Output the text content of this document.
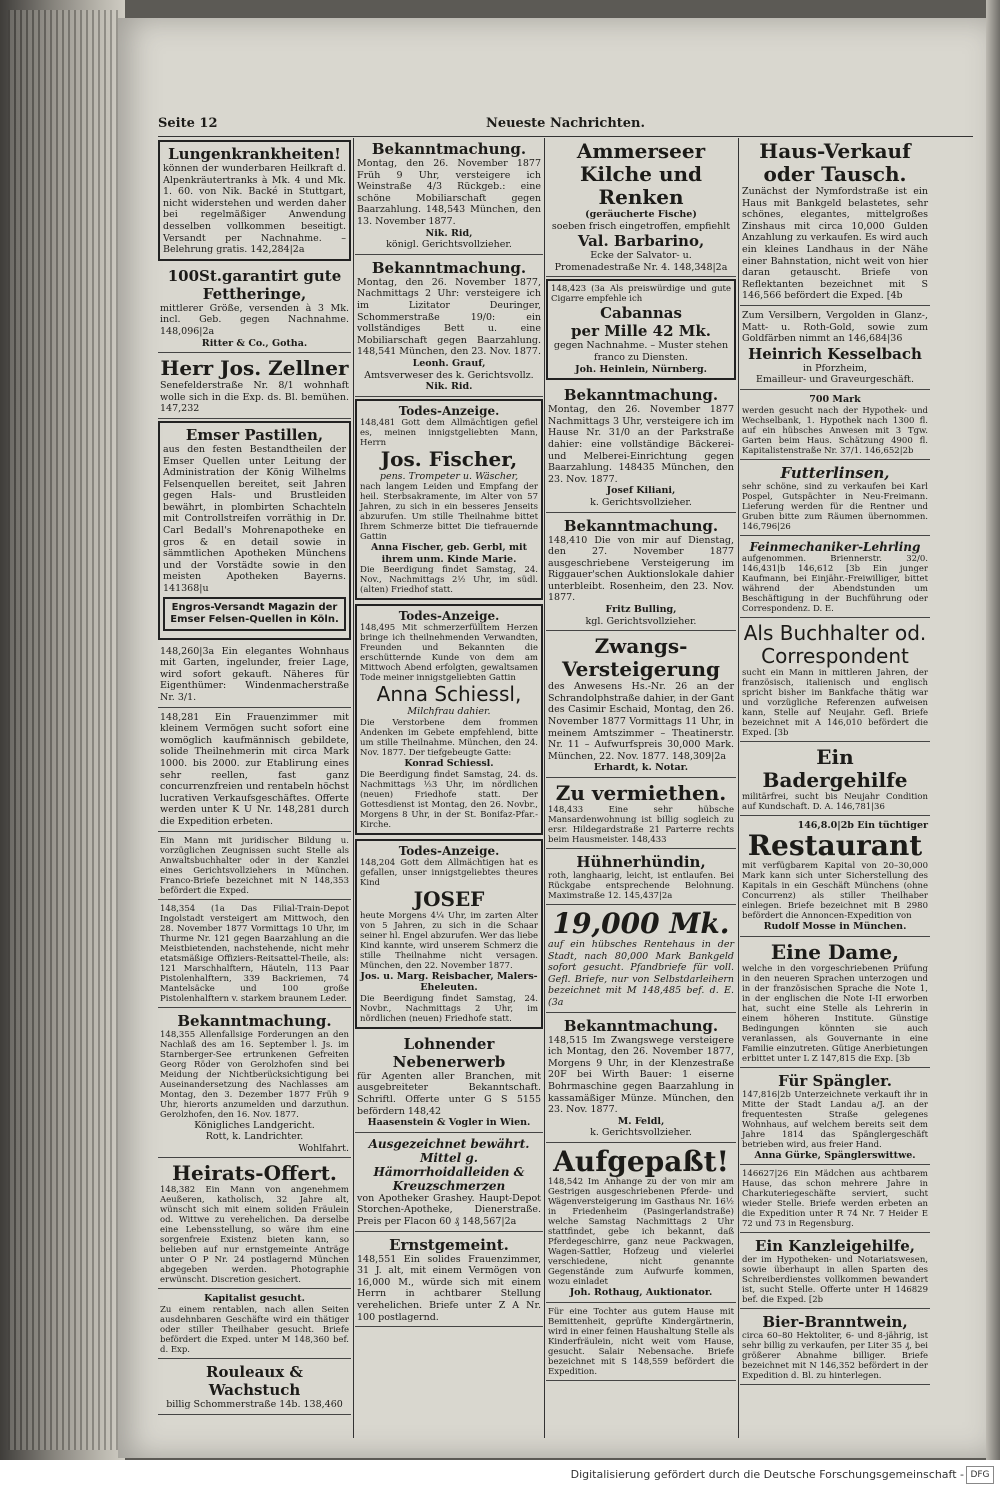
Seite 12	Neueste Nachrichten.
Lungenkrankheiten!
können der wunderbaren Heilkraft d. Alpenkräutertranks à Mk. 4 und Mk. 1. 60. von Nik. Backé in Stuttgart, nicht widerstehen und werden daher bei regelmäßiger Anwendung desselben vollkommen beseitigt. Versandt per Nachnahme. – Belehrung gratis. 142,284|2a
100St.garantirt gute Fettheringe,
mittlerer Größe, versenden à 3 Mk. incl. Geb. gegen Nachnahme. 148,096|2a
Ritter & Co., Gotha.
Herr Jos. Zellner
Senefelderstraße Nr. 8/1 wohnhaft wolle sich in die Exp. ds. Bl. bemühen. 147,232
Emser Pastillen,
aus den festen Bestandtheilen der Emser Quellen unter Leitung der Administration der König Wilhelms Felsenquellen bereitet, seit Jahren gegen Hals- und Brustleiden bewährt, in plombirten Schachteln mit Controllstreifen vorräthig in Dr. Carl Bedall's Mohrenapotheke en gros & en detail sowie in sämmtlichen Apotheken Münchens und der Vorstädte sowie in den meisten Apotheken Bayerns. 141368|u
Engros-Versandt Magazin der Emser Felsen-Quellen in Köln.
148,260|3a Ein elegantes Wohnhaus mit Garten, ingelunder, freier Lage, wird sofort gekauft. Näheres für Eigenthümer: Windenmacherstraße Nr. 3/1.
148,281 Ein Frauenzimmer mit kleinem Vermögen sucht sofort eine womöglich kaufmännisch gebildete, solide Theilnehmerin mit circa Mark 1000. bis 2000. zur Etablirung eines sehr reellen, fast ganz concurrenzfreien und rentabeln höchst lucrativen Verkaufsgeschäftes. Offerte werden unter K U Nr. 148,281 durch die Expedition erbeten.
Ein Mann mit juridischer Bildung u. vorzüglichen Zeugnissen sucht Stelle als Anwaltsbuchhalter oder in der Kanzlei eines Gerichtsvollziehers in München. Franco-Briefe bezeichnet mit N 148,353 befördert die Exped.
148,354 (1a Das Filial-Train-Depot Ingolstadt versteigert am Mittwoch, den 28. November 1877 Vormittags 10 Uhr, im Thurme Nr. 121 gegen Baarzahlung an die Meistbietenden, nachstehende, nicht mehr etatsmäßige Offiziers-Reitsattel-Theile, als: 121 Marschhalftern, Häuteln, 113 Paar Pistolenhalftern, 339 Backriemen, 74 Mantelsäcke und 100 große Pistolenhalftern v. starkem braunem Leder.
Bekanntmachung.
148,355 Allenfallsige Forderungen an den Nachlaß des am 16. September l. Js. im Starnberger-See ertrunkenen Gefreiten Georg Röder von Gerolzhofen sind bei Meidung der Nichtberücksichtigung bei Auseinandersetzung des Nachlasses am Montag, den 3. Dezember 1877 Früh 9 Uhr, hierorts anzumelden und darzuthun. Gerolzhofen, den 16. Nov. 1877.
Königliches Landgericht.
Rott, k. Landrichter.
Wohlfahrt.
Heirats-Offert.
148,382 Ein Mann von angenehmem Aeußeren, katholisch, 32 Jahre alt, wünscht sich mit einem soliden Fräulein od. Wittwe zu verehelichen. Da derselbe eine Lebensstellung, so wäre ihm eine sorgenfreie Existenz bieten kann, so belieben auf nur ernstgemeinte Anträge unter O P Nr. 24 postlagernd München abgegeben werden. Photographie erwünscht. Discretion gesichert.
Kapitalist gesucht.
Zu einem rentablen, nach allen Seiten ausdehnbaren Geschäfte wird ein thätiger oder stiller Theilhaber gesucht. Briefe befördert die Exped. unter M 148,360 bef. d. Exp.
Rouleaux & Wachstuch
billig Schommerstraße 14b. 138,460
Bekanntmachung.
Montag, den 26. November 1877 Früh 9 Uhr, versteigere ich Weinstraße 4/3 Rückgeb.: eine schöne Mobiliarschaft gegen Baarzahlung. 148,543 München, den 13. November 1877.
Nik. Rid,
königl. Gerichtsvollzieher.
Bekanntmachung.
Montag, den 26. November 1877, Nachmittags 2 Uhr: versteigere ich im Lizitator Deuringer, Schommerstraße 19/0: ein vollständiges Bett u. eine Mobiliarschaft gegen Baarzahlung. 148,541 München, den 23. Nov. 1877.
Leonh. Grauf,
Amtsverweser des k. Gerichtsvollz.
Nik. Rid.
Todes-Anzeige.
148,481 Gott dem Allmächtigen gefiel es, meinen innigstgeliebten Mann, Herrn
Jos. Fischer,
pens. Trompeter u. Wäscher,
nach langem Leiden und Empfang der heil. Sterbsakramente, im Alter von 57 Jahren, zu sich in ein besseres Jenseits abzurufen. Um stille Theilnahme bittet Ihrem Schmerze bittet Die tiefrauernde Gattin
Anna Fischer, geb. Gerbl, mit ihrem unm. Kinde Marie.
Die Beerdigung findet Samstag, 24. Nov., Nachmittags 2½ Uhr, im südl. (alten) Friedhof statt.
Todes-Anzeige.
148,495 Mit schmerzerfülltem Herzen bringe ich theilnehmenden Verwandten, Freunden und Bekannten die erschütternde Kunde von dem am Mittwoch Abend erfolgten, gewaltsamen Tode meiner innigstgeliebten Gattin
Anna Schiessl,
Milchfrau dahier.
Die Verstorbene dem frommen Andenken im Gebete empfehlend, bitte um stille Theilnahme. München, den 24. Nov. 1877. Der tiefgebeugte Gatte:
Konrad Schiessl.
Die Beerdigung findet Samstag, 24. ds. Nachmittags ½3 Uhr, im nördlichen (neuen) Friedhofe statt. Der Gottesdienst ist Montag, den 26. Novbr., Morgens 8 Uhr, in der St. Bonifaz-Pfar.-Kirche.
Todes-Anzeige.
148,204 Gott dem Allmächtigen hat es gefallen, unser innigstgeliebtes theures Kind
JOSEF
heute Morgens 4¼ Uhr, im zarten Alter von 5 Jahren, zu sich in die Schaar seiner hl. Engel abzurufen. Wer das liebe Kind kannte, wird unserem Schmerz die stille Theilnahme nicht versagen. München, den 22. November 1877.
Jos. u. Marg. Reisbacher, Malers-Eheleuten.
Die Beerdigung findet Samstag, 24. Novbr., Nachmittags 2 Uhr, im nördlichen (neuen) Friedhofe statt.
Lohnender Nebenerwerb
für Agenten aller Branchen, mit ausgebreiteter Bekanntschaft. Schriftl. Offerte unter G S 5155 befördern 148,42
Haasenstein & Vogler in Wien.
Ausgezeichnet bewährt. Mittel g. Hämorrhoidalleiden & Kreuzschmerzen
von Apotheker Grashey. Haupt-Depot Storchen-Apotheke, Dienerstraße. Preis per Flacon 60 ₰ 148,567|2a
Ernstgemeint.
148,551 Ein solides Frauenzimmer, 31 J. alt, mit einem Vermögen von 16,000 M., würde sich mit einem Herrn in achtbarer Stellung verehelichen. Briefe unter Z A Nr. 100 postlagernd.
Ammerseer Kilche und Renken
(geräucherte Fische)
soeben frisch eingetroffen, empfiehlt
Val. Barbarino,
Ecke der Salvator- u. Promenadestraße Nr. 4. 148,348|2a
148,423 (3a Als preiswürdige und gute Cigarre empfehle ich
Cabannas
per Mille 42 Mk.
gegen Nachnahme. – Muster stehen franco zu Diensten.
Joh. Heinlein, Nürnberg.
Bekanntmachung.
Montag, den 26. November 1877 Nachmittags 3 Uhr, versteigere ich im Hause Nr. 31/0 an der Parkstraße dahier: eine vollständige Bäckerei- und Melberei-Einrichtung gegen Baarzahlung. 148435 München, den 23. Nov. 1877.
Josef Kiliani,
k. Gerichtsvollzieher.
Bekanntmachung.
148,410 Die von mir auf Dienstag, den 27. November 1877 ausgeschriebene Versteigerung im Riggauer'schen Auktionslokale dahier unterbleibt. Rosenheim, den 23. Nov. 1877.
Fritz Bulling,
kgl. Gerichtsvollzieher.
Zwangs-Versteigerung
des Anwesens Hs.-Nr. 26 an der Schrandolphstraße dahier, in der Gant des Casimir Eschaid, Montag, den 26. November 1877 Vormittags 11 Uhr, in meinem Amtszimmer – Theatinerstr. Nr. 11 – Aufwurfspreis 30,000 Mark. München, 22. Nov. 1877. 148,309|2a
Erhardt, k. Notar.
Zu vermiethen.
148,433 Eine sehr hübsche Mansardenwohnung ist billig sogleich zu ersr. Hildegardstraße 21 Parterre rechts beim Hausmeister. 148,433
Hühnerhündin,
roth, langhaarig, leicht, ist entlaufen. Bei Rückgabe entsprechende Belohnung. Maximstraße 12. 145,437|2a
19,000 Mk.
auf ein hübsches Rentehaus in der Stadt, nach 80,000 Mark Bankgeld sofort gesucht. Pfandbriefe für voll. Gefl. Briefe, nur von Selbstdarleihern bezeichnet mit M 148,485 bef. d. E. (3a
Bekanntmachung.
148,515 Im Zwangswege versteigere ich Montag, den 26. November 1877, Morgens 9 Uhr, in der Klenzestraße 20F bei Wirth Bauer: 1 eiserne Bohrmaschine gegen Baarzahlung in kassamäßiger Münze. München, den 23. Nov. 1877.
M. Feldl,
k. Gerichtsvollzieher.
Aufgepaßt!
148,542 Im Anhange zu der von mir am Gestrigen ausgeschriebenen Pferde- und Wägenversteigerung im Gasthaus Nr. 16½ in Friedenheim (Pasingerlandstraße) welche Samstag Nachmittags 2 Uhr stattfindet, gebe ich bekannt, daß Pferdegeschirre, ganz neue Packwagen, Wagen-Sattler, Hofzeug und vielerlei verschiedene, nicht genannte Gegenstände zum Aufwurfe kommen, wozu einladet
Joh. Rothaug, Auktionator.
Für eine Tochter aus gutem Hause mit Bemittenheit, geprüfte Kindergärtnerin, wird in einer feinen Haushaltung Stelle als Kinderfräulein, nicht weit vom Hause, gesucht. Salair Nebensache. Briefe bezeichnet mit S 148,559 befördert die Expedition.
Haus-Verkauf oder Tausch.
Zunächst der Nymfordstraße ist ein Haus mit Bankgeld belastetes, sehr schönes, elegantes, mittelgroßes Zinshaus mit circa 10,000 Gulden Anzahlung zu verkaufen. Es wird auch ein kleines Landhaus in der Nähe einer Bahnstation, nicht weit von hier daran getauscht. Briefe von Reflektanten bezeichnet mit S 146,566 befördert die Exped. [4b
Zum Versilbern, Vergolden in Glanz-, Matt- u. Roth-Gold, sowie zum Goldfärben nimmt an 146,684|36
Heinrich Kesselbach
in Pforzheim,
Emailleur- und Graveurgeschäft.
700 Mark
werden gesucht nach der Hypothek- und Wechselbank, 1. Hypothek nach 1300 fl. auf ein hübsches Anwesen mit 3 Tgw. Garten beim Haus. Schätzung 4900 fl. Kapitalistenstraße Nr. 37/1. 146,652|2b
Futterlinsen,
sehr schöne, sind zu verkaufen bei Karl Pospel, Gutspächter in Neu-Freimann. Lieferung werden für die Rentner und Gruben bitte zum Räumen übernommen. 146,796|26
Feinmechaniker-Lehrling
aufgenommen. Briennerstr. 32/0. 146,431|b 146,612 [3b Ein junger Kaufmann, bei Einjähr.-Freiwilliger, bittet während der Abendstunden um Beschäftigung in der Buchführung oder Correspondenz. D. E.
Als Buchhalter od. Correspondent
sucht ein Mann in mittleren Jahren, der französisch, italienisch und englisch spricht bisher im Bankfache thätig war und vorzügliche Referenzen aufweisen kann, Stelle auf Neujahr. Gefl. Briefe bezeichnet mit A 146,010 befördert die Exped. [3b
Ein Badergehilfe
militärfrei, sucht bis Neujahr Condition auf Kundschaft. D. A. 146,781|36
146,8.0|2b Ein tüchtiger
Restaurant
mit verfügbarem Kapital von 20–30,000 Mark kann sich unter Sicherstellung des Kapitals in ein Geschäft Münchens (ohne Concurrenz) als stiller Theilhaber einlegen. Briefe bezeichnet mit B 2980 befördert die Annoncen-Expedition von
Rudolf Mosse in München.
Eine Dame,
welche in den vorgeschriebenen Prüfung in den neueren Sprachen unterzogen und in der französischen Sprache die Note 1, in der englischen die Note I-II erworben hat, sucht eine Stelle als Lehrerin in einem höheren Institute. Günstige Bedingungen könnten sie auch veranlassen, als Gouvernante in eine Familie einzutreten. Gütige Anerbietungen erbittet unter L Z 147,815 die Exp. [3b
Für Spängler.
147,816|2b Unterzeichnete verkauft ihr in Mitte der Stadt Landau a/J. an der frequentesten Straße gelegenes Wohnhaus, auf welchem bereits seit dem Jahre 1814 das Spänglergeschäft betrieben wird, aus freier Hand.
Anna Gürke, Spänglerswittwe.
146627|26 Ein Mädchen aus achtbarem Hause, das schon mehrere Jahre in Charkuteriegeschäfte serviert, sucht wieder Stelle. Briefe werden erbeten an die Expedition unter R 74 Nr. 7 Heider E 72 und 73 in Regensburg.
Ein Kanzleigehilfe,
der im Hypotheken- und Notariatswesen, sowie überhaupt in allen Sparten des Schreiberdienstes vollkommen bewandert ist, sucht Stelle. Offerte unter H 146829 bef. die Exped. [2b
Bier-Branntwein,
circa 60–80 Hektoliter, 6- und 8-jährig, ist sehr billig zu verkaufen, per Liter 35 ₰, bei größerer Abnahme billiger. Briefe bezeichnet mit N 146,352 befördert in der Expedition d. Bl. zu hinterlegen.
Digitalisierung gefördert durch die Deutsche Forschungsgemeinschaft - DFG
